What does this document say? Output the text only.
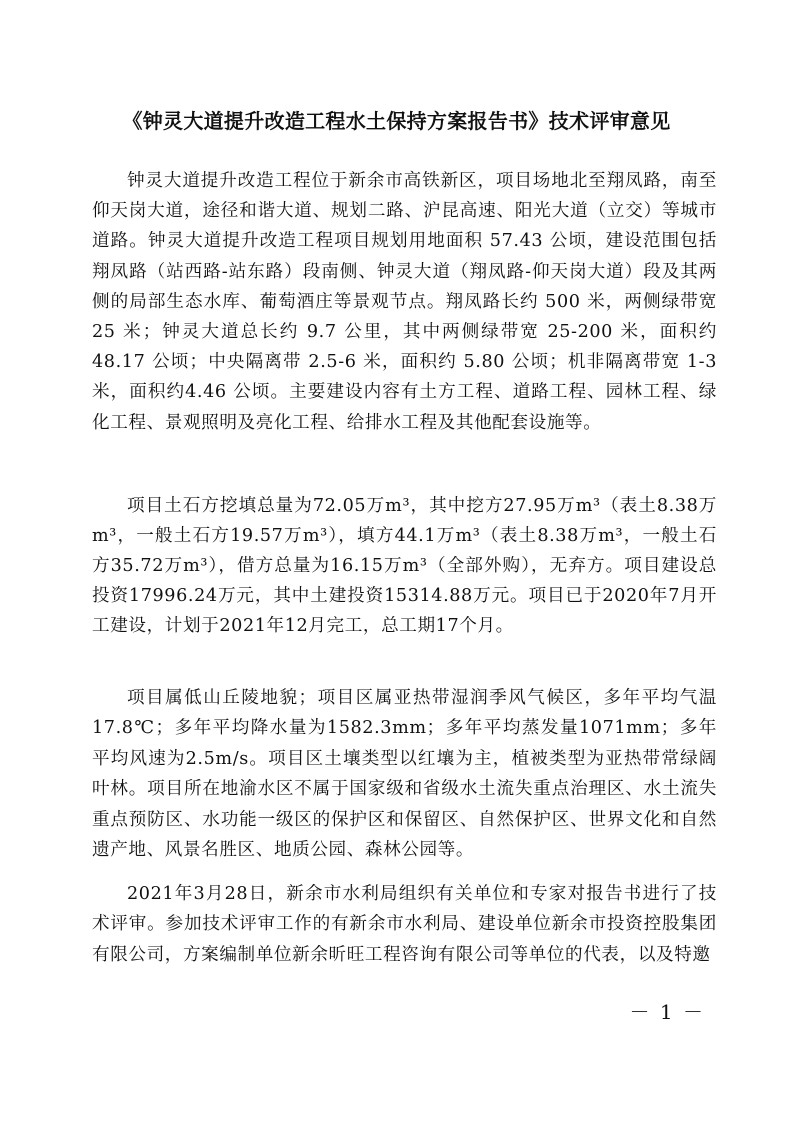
《钟灵大道提升改造工程水土保持方案报告书》技术评审意见

钟灵大道提升改造工程位于新余市高铁新区，项目场地北至翔凤路，南至仰天岗大道，途径和谐大道、规划二路、沪昆高速、阳光大道（立交）等城市道路。钟灵大道提升改造工程项目规划用地面积 57.43 公顷，建设范围包括翔凤路（站西路-站东路）段南侧、钟灵大道（翔凤路-仰天岗大道）段及其两侧的局部生态水库、葡萄酒庄等景观节点。翔凤路长约 500 米，两侧绿带宽 25 米；钟灵大道总长约 9.7 公里，其中两侧绿带宽 25-200 米，面积约 48.17 公顷；中央隔离带 2.5-6 米，面积约 5.80 公顷；机非隔离带宽 1-3 米，面积约4.46 公顷。主要建设内容有土方工程、道路工程、园林工程、绿化工程、景观照明及亮化工程、给排水工程及其他配套设施等。

项目土石方挖填总量为72.05万m³，其中挖方27.95万m³（表土8.38万m³，一般土石方19.57万m³），填方44.1万m³（表土8.38万m³，一般土石方35.72万m³），借方总量为16.15万m³（全部外购），无弃方。项目建设总投资17996.24万元，其中土建投资15314.88万元。项目已于2020年7月开工建设，计划于2021年12月完工，总工期17个月。

项目属低山丘陵地貌；项目区属亚热带湿润季风气候区，多年平均气温17.8℃；多年平均降水量为1582.3mm；多年平均蒸发量1071mm；多年平均风速为2.5m/s。项目区土壤类型以红壤为主，植被类型为亚热带常绿阔叶林。项目所在地渝水区不属于国家级和省级水土流失重点治理区、水土流失重点预防区、水功能一级区的保护区和保留区、自然保护区、世界文化和自然遗产地、风景名胜区、地质公园、森林公园等。

2021年3月28日，新余市水利局组织有关单位和专家对报告书进行了技术评审。参加技术评审工作的有新余市水利局、建设单位新余市投资控股集团有限公司，方案编制单位新余昕旺工程咨询有限公司等单位的代表，以及特邀

－ 1 －
